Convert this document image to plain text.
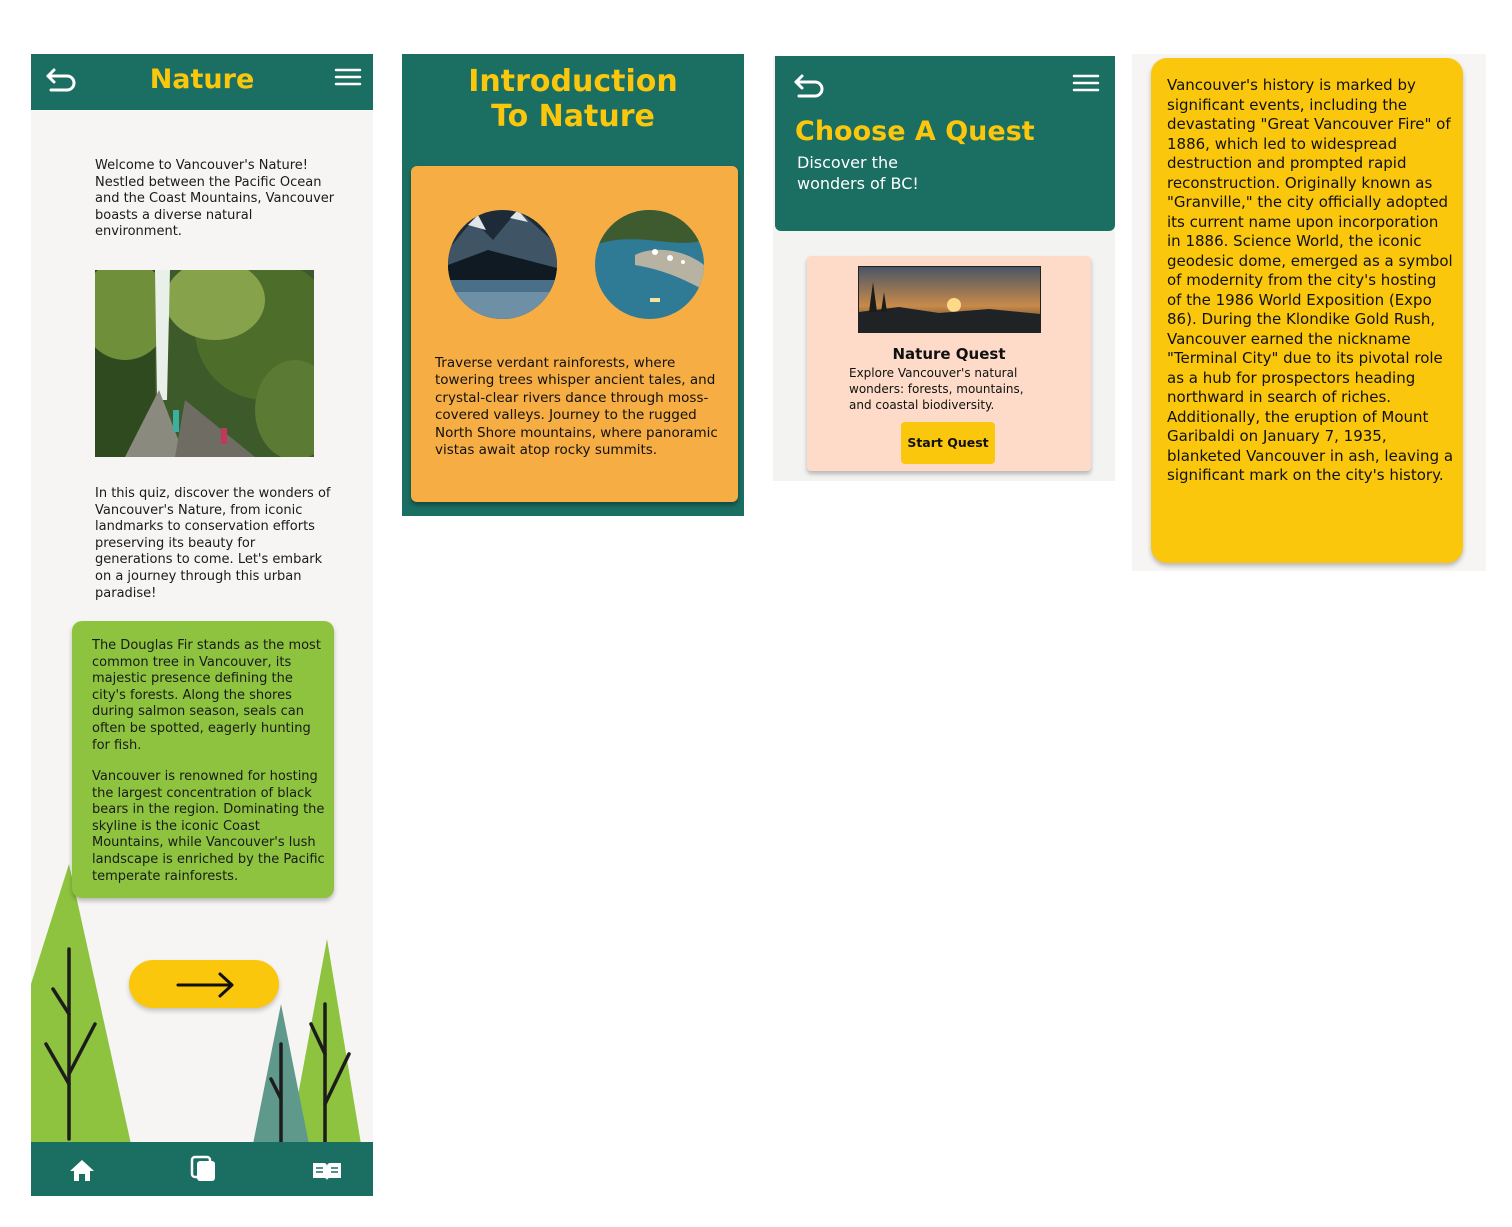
Nature
Welcome to Vancouver's Nature! Nestled between the Pacific Ocean and the Coast Mountains, Vancouver boasts a diverse natural environment.
In this quiz, discover the wonders of Vancouver's Nature, from iconic landmarks to conservation efforts preserving its beauty for generations to come. Let's embark on a journey through this urban paradise!
The Douglas Fir stands as the most common tree in Vancouver, its majestic presence defining the city's forests. Along the shores during salmon season, seals can often be spotted, eagerly hunting for fish.
Vancouver is renowned for hosting the largest concentration of black bears in the region. Dominating the skyline is the iconic Coast Mountains, while Vancouver's lush landscape is enriched by the Pacific temperate rainforests.
Introduction
To Nature
Traverse verdant rainforests, where towering trees whisper ancient tales, and crystal-clear rivers dance through moss-covered valleys. Journey to the rugged North Shore mountains, where panoramic vistas await atop rocky summits.
Choose A Quest
Discover the
wonders of BC!
Nature Quest
Explore Vancouver's natural wonders: forests, mountains, and coastal biodiversity.
Start Quest
Vancouver's history is marked by significant events, including the devastating "Great Vancouver Fire" of 1886, which led to widespread destruction and prompted rapid reconstruction. Originally known as "Granville," the city officially adopted its current name upon incorporation in 1886. Science World, the iconic geodesic dome, emerged as a symbol of modernity from the city's hosting of the 1986 World Exposition (Expo 86). During the Klondike Gold Rush, Vancouver earned the nickname "Terminal City" due to its pivotal role as a hub for prospectors heading northward in search of riches. Additionally, the eruption of Mount Garibaldi on January 7, 1935, blanketed Vancouver in ash, leaving a significant mark on the city's history.
